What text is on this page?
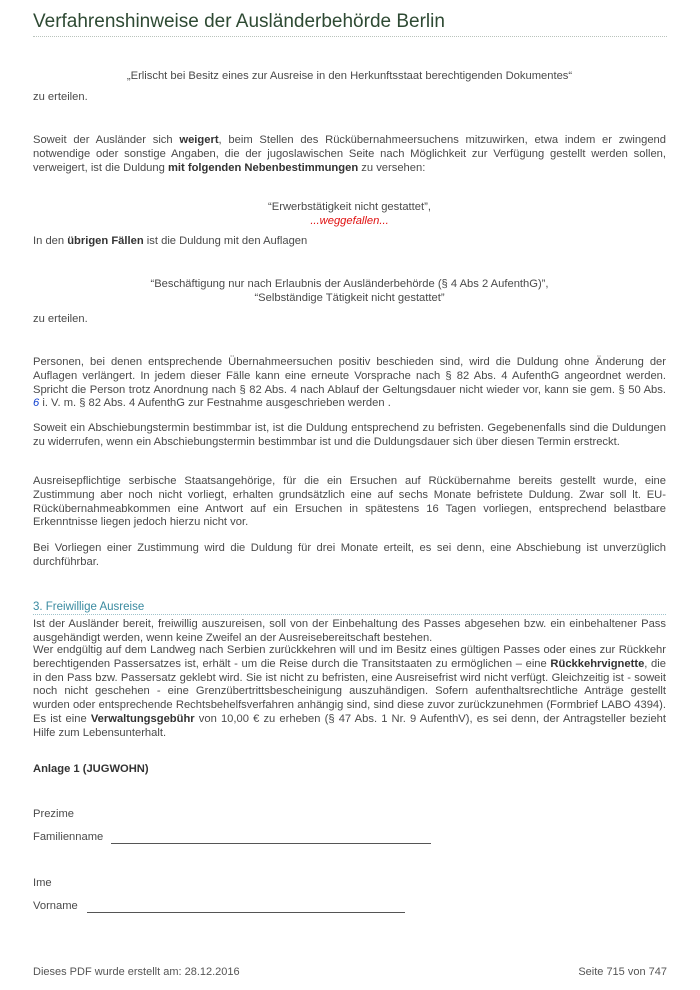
Verfahrenshinweise der Ausländerbehörde Berlin
„Erlischt bei Besitz eines zur Ausreise in den Herkunftsstaat berechtigenden Dokumentes“
zu erteilen.
Soweit der Ausländer sich weigert, beim Stellen des Rückübernahmeersuchens mitzuwirken, etwa indem er zwingend notwendige oder sonstige Angaben, die der jugoslawischen Seite nach Möglichkeit zur Verfügung gestellt werden sollen, verweigert, ist die Duldung mit folgenden Nebenbestimmungen zu versehen:
“Erwerbstätigkeit nicht gestattet”,
...weggefallen...
In den übrigen Fällen ist die Duldung mit den Auflagen
“Beschäftigung nur nach Erlaubnis der Ausländerbehörde (§ 4 Abs 2 AufenthG)”,
“Selbständige Tätigkeit nicht gestattet”
zu erteilen.
Personen, bei denen entsprechende Übernahmeersuchen positiv beschieden sind, wird die Duldung ohne Änderung der Auflagen verlängert. In jedem dieser Fälle kann eine erneute Vorsprache nach § 82 Abs. 4 AufenthG angeordnet werden. Spricht die Person trotz Anordnung nach § 82 Abs. 4 nach Ablauf der Geltungsdauer nicht wieder vor, kann sie gem. § 50 Abs. 6 i. V. m. § 82 Abs. 4 AufenthG zur Festnahme ausgeschrieben werden .
Soweit ein Abschiebungstermin bestimmbar ist, ist die Duldung entsprechend zu befristen. Gegebenenfalls sind die Duldungen zu widerrufen, wenn ein Abschiebungstermin bestimmbar ist und die Duldungsdauer sich über diesen Termin erstreckt.
Ausreisepflichtige serbische Staatsangehörige, für die ein Ersuchen auf Rückübernahme bereits gestellt wurde, eine Zustimmung aber noch nicht vorliegt, erhalten grundsätzlich eine auf sechs Monate befristete Duldung. Zwar soll lt. EU-Rückübernahmeabkommen eine Antwort auf ein Ersuchen in spätestens 16 Tagen vorliegen, entsprechend belastbare Erkenntnisse liegen jedoch hierzu nicht vor.
Bei Vorliegen einer Zustimmung wird die Duldung für drei Monate erteilt, es sei denn, eine Abschiebung ist unverzüglich durchführbar.
3. Freiwillige Ausreise
Ist der Ausländer bereit, freiwillig auszureisen, soll von der Einbehaltung des Passes abgesehen bzw. ein einbehaltener Pass ausgehändigt werden, wenn keine Zweifel an der Ausreisebereitschaft bestehen.
Wer endgültig auf dem Landweg nach Serbien zurückkehren will und im Besitz eines gültigen Passes oder eines zur Rückkehr berechtigenden Passersatzes ist, erhält - um die Reise durch die Transitstaaten zu ermöglichen – eine Rückkehrvignette, die in den Pass bzw. Passersatz geklebt wird. Sie ist nicht zu befristen, eine Ausreisefrist wird nicht verfügt. Gleichzeitig ist - soweit noch nicht geschehen - eine Grenzübertrittsbescheinigung auszuhändigen. Sofern aufenthaltsrechtliche Anträge gestellt wurden oder entsprechende Rechtsbehelfsverfahren anhängig sind, sind diese zuvor zurückzunehmen (Formbrief LABO 4394). Es ist eine Verwaltungsgebühr von 10,00 € zu erheben (§ 47 Abs. 1 Nr. 9 AufenthV), es sei denn, der Antragsteller bezieht Hilfe zum Lebensunterhalt.
Anlage 1 (JUGWOHN)
Prezime
Familienname
Ime
Vorname
Dieses PDF wurde erstellt am: 28.12.2016	Seite 715 von 747
